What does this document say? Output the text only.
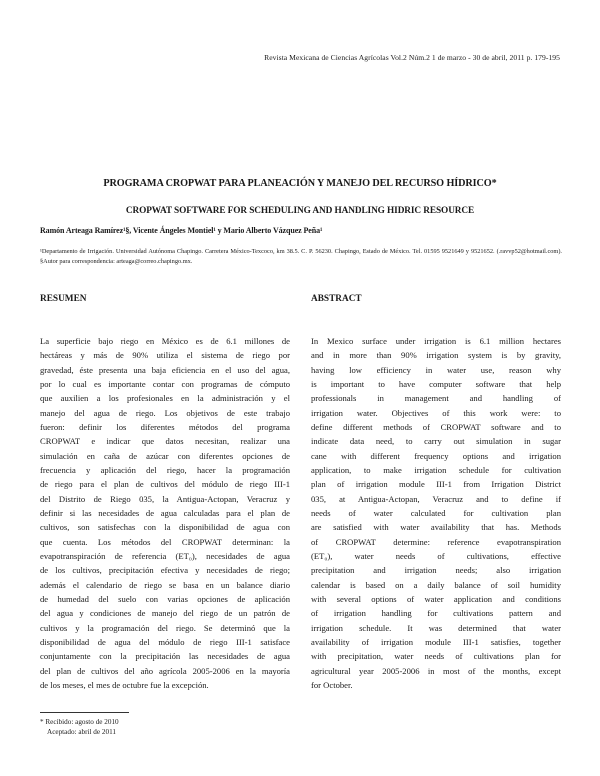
Revista Mexicana de Ciencias Agrícolas Vol.2 Núm.2 1 de marzo - 30 de abril, 2011 p. 179-195
PROGRAMA CROPWAT PARA PLANEACIÓN Y MANEJO DEL RECURSO HÍDRICO*
CROPWAT SOFTWARE FOR SCHEDULING AND HANDLING HIDRIC RESOURCE
Ramón Arteaga Ramírez¹§, Vicente Ángeles Montiel¹ y Mario Alberto Vázquez Peña¹
¹Departamento de Irrigación. Universidad Autónoma Chapingo. Carretera México-Texcoco, km 38.5. C. P. 56230. Chapingo, Estado de México. Tel. 01595 9521649 y 9521652. (.ravvp52@hotmail.com). §Autor para correspondencia: arteaga@correo.chapingo.mx.
RESUMEN	ABSTRACT
La superficie bajo riego en México es de 6.1 millones de
hectáreas y más de 90% utiliza el sistema de riego por
gravedad, éste presenta una baja eficiencia en el uso del agua,
por lo cual es importante contar con programas de cómputo
que auxilien a los profesionales en la administración y el
manejo del agua de riego. Los objetivos de este trabajo
fueron: definir los diferentes métodos del programa
CROPWAT e indicar que datos necesitan, realizar una
simulación en caña de azúcar con diferentes opciones de
frecuencia y aplicación del riego, hacer la programación
de riego para el plan de cultivos del módulo de riego III-1
del Distrito de Riego 035, la Antigua-Actopan, Veracruz y
definir si las necesidades de agua calculadas para el plan de
cultivos, son satisfechas con la disponibilidad de agua con
que cuenta. Los métodos del CROPWAT determinan: la
evapotranspiración de referencia (ET₀), necesidades de agua
de los cultivos, precipitación efectiva y necesidades de riego;
además el calendario de riego se basa en un balance diario
de humedad del suelo con varias opciones de aplicación
del agua y condiciones de manejo del riego de un patrón de
cultivos y la programación del riego. Se determinó que la
disponibilidad de agua del módulo de riego III-1 satisface
conjuntamente con la precipitación las necesidades de agua
del plan de cultivos del año agrícola 2005-2006 en la mayoría
de los meses, el mes de octubre fue la excepción.
In Mexico surface under irrigation is 6.1 million hectares
and in more than 90% irrigation system is by gravity,
having low efficiency in water use, reason why
is important to have computer software that help
professionals in management and handling of
irrigation water. Objectives of this work were: to
define different methods of CROPWAT software and to
indicate data need, to carry out simulation in sugar
cane with different frequency options and irrigation
application, to make irrigation schedule for cultivation
plan of irrigation module III-1 from Irrigation District
035, at Antigua-Actopan, Veracruz and to define if
needs of water calculated for cultivation plan
are satisfied with water availability that has. Methods
of CROPWAT determine: reference evapotranspiration
(ET₀), water needs of cultivations, effective
precipitation and irrigation needs; also irrigation
calendar is based on a daily balance of soil humidity
with several options of water application and conditions
of irrigation handling for cultivations pattern and
irrigation schedule. It was determined that water
availability of irrigation module III-1 satisfies, together
with precipitation, water needs of cultivations plan for
agricultural year 2005-2006 in most of the months, except
for October.
* Recibido: agosto de 2010
Aceptado: abril de 2011
